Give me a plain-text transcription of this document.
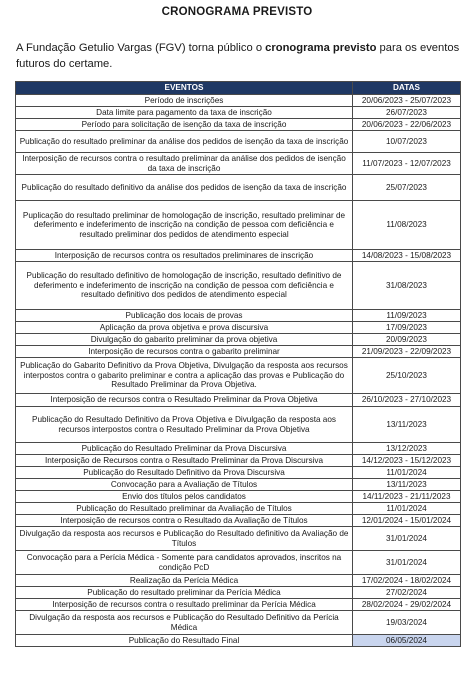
CRONOGRAMA PREVISTO
A Fundação Getulio Vargas (FGV) torna público o cronograma previsto para os eventos futuros do certame.
EVENTOS	DATAS
Período de inscrições	20/06/2023 - 25/07/2023
Data limite para pagamento da taxa de inscrição	26/07/2023
Período para solicitação de isenção da taxa de inscrição	20/06/2023 - 22/06/2023
Publicação do resultado preliminar da análise dos pedidos de isenção da taxa de inscrição	10/07/2023
Interposição de recursos contra o resultado preliminar da análise dos pedidos de isenção da taxa de inscrição	11/07/2023 - 12/07/2023
Publicação do resultado definitivo da análise dos pedidos de isenção da taxa de inscrição	25/07/2023
Puplicação do resultado preliminar de homologação de inscrição, resultado preliminar de deferimento e indeferimento de inscrição na condição de pessoa com deficiência e resultado preliminar dos pedidos de atendimento especial	11/08/2023
Interposição de recursos contra os resultados preliminares de inscrição	14/08/2023 - 15/08/2023
Publicação do resultado definitivo de homologação de inscrição, resultado definitivo de deferimento e indeferimento de inscrição na condição de pessoa com deficiência e resultado definitivo dos pedidos de atendimento especial	31/08/2023
Publicação dos locais de provas	11/09/2023
Aplicação da prova objetiva e prova discursiva	17/09/2023
Divulgação do gabarito preliminar da prova objetiva	20/09/2023
Interposição de recursos contra o gabarito preliminar	21/09/2023 - 22/09/2023
Publicação do Gabarito Definitivo da Prova Objetiva, Divulgação da resposta aos recursos interpostos contra o gabarito preliminar e contra a aplicação das provas e Publicação do Resultado Preliminar da Prova Objetiva.	25/10/2023
Interposição de recursos contra o Resultado Preliminar da Prova Objetiva	26/10/2023 - 27/10/2023
Publicação do Resultado Definitivo da Prova Objetiva e Divulgação da resposta aos recursos interpostos contra o Resultado Preliminar da Prova Objetiva	13/11/2023
Publicação do Resultado Preliminar da Prova Discursiva	13/12/2023
Interposição de Recursos contra o Resultado Preliminar da Prova Discursiva	14/12/2023 - 15/12/2023
Publicação do Resultado Definitivo da Prova Discursiva	11/01/2024
Convocação para a Avaliação de Títulos	13/11/2023
Envio dos títulos pelos candidatos	14/11/2023 - 21/11/2023
Publicação do Resultado preliminar da Avaliação de Títulos	11/01/2024
Interposição de recursos contra o Resultado da Avaliação de Títulos	12/01/2024 - 15/01/2024
Divulgação da resposta aos recursos e Publicação do Resultado definitivo da Avaliação de Títulos	31/01/2024
Convocação para a Perícia Médica - Somente para candidatos aprovados, inscritos na condição PcD	31/01/2024
Realização da Perícia Médica	17/02/2024 - 18/02/2024
Publicação do resultado preliminar da Perícia Médica	27/02/2024
Interposição de recursos contra o resultado preliminar da Perícia Médica	28/02/2024 - 29/02/2024
Divulgação da resposta aos recursos e Publicação do Resultado Definitivo da Perícia Médica	19/03/2024
Publicação do Resultado Final	06/05/2024
